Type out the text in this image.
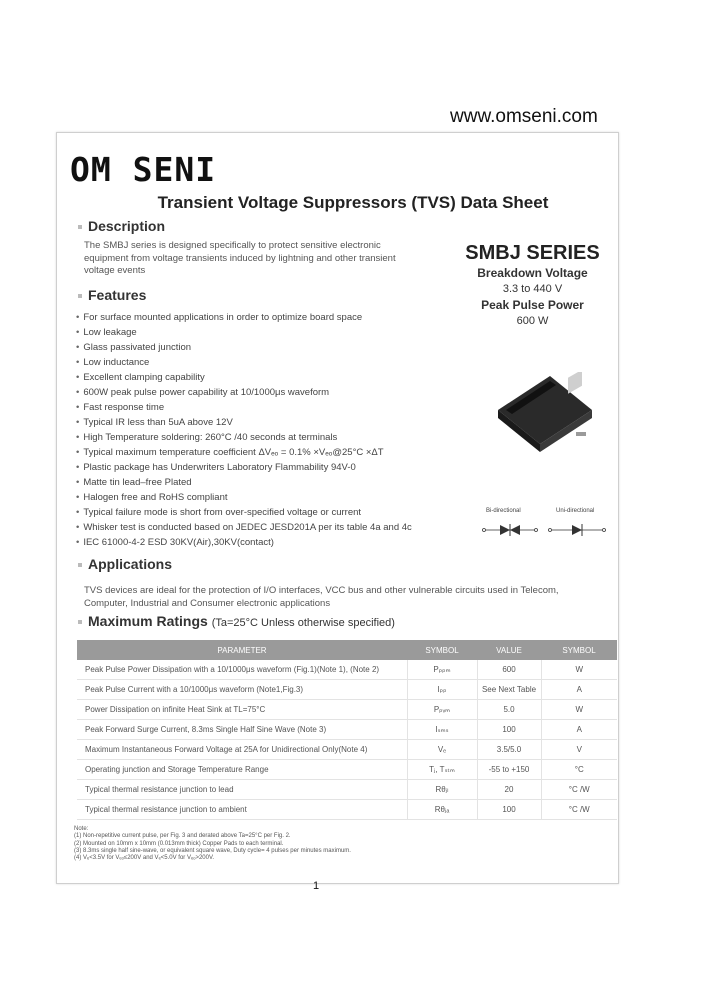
www.omseni.com
OM SENI
Transient Voltage Suppressors (TVS) Data Sheet
Description
The SMBJ series is designed specifically to protect sensitive electronic equipment from voltage transients induced by lightning and other transient voltage events
SMBJ SERIES
Breakdown Voltage
3.3 to 440 V
Peak Pulse Power
600 W
Features
• For surface mounted applications in order to optimize board space
• Low leakage
• Glass passivated junction
• Low inductance
• Excellent clamping capability
• 600W peak pulse power capability at 10/1000μs waveform
• Fast response time
• Typical IR less than 5uA above 12V
• High Temperature soldering: 260°C /40 seconds at terminals
• Typical maximum temperature coefficient ΔVₑₒ = 0.1% ×Vₑₒ@25°C ×ΔT
• Plastic package has Underwriters Laboratory Flammability 94V-0
• Matte tin lead–free Plated
• Halogen free and RoHS compliant
• Typical failure mode is short from over-specified voltage or current
• Whisker test is conducted based on JEDEC JESD201A per its table 4a and 4c
• IEC 61000-4-2 ESD 30KV(Air),30KV(contact)
Bi-directional	Uni-directional
Applications
TVS devices are ideal for the protection of I/O interfaces, VCC bus and other vulnerable circuits used in Telecom, Computer, Industrial and Consumer electronic applications
Maximum Ratings (Ta=25°C Unless otherwise specified)
PARAMETER	SYMBOL	VALUE	SYMBOL
Peak Pulse Power Dissipation with a 10/1000μs waveform (Fig.1)(Note 1), (Note 2)	Pₚₚₘ	600	W
Peak Pulse Current with a 10/1000μs waveform (Note1,Fig.3)	Iₚₚ	See Next Table	A
Power Dissipation on infinite Heat Sink at TL=75°C	Pₚᵥₘ	5.0	W
Peak Forward Surge Current, 8.3ms Single Half Sine Wave (Note 3)	Iₛₘₛ	100	A
Maximum Instantaneous Forward Voltage at 25A for Unidirectional Only(Note 4)	Vₑ	3.5/5.0	V
Operating junction and Storage Temperature Range	Tⱼ, Tₛₜₘ	-55 to +150	°C
Typical thermal resistance junction to lead	Rθⱼₗ	20	°C /W
Typical thermal resistance junction to ambient	Rθⱼₐ	100	°C /W
Note:
(1) Non-repetitive current pulse, per Fig. 3 and derated above Ta=25°C per Fig. 2.
(2) Mounted on 10mm x 10mm (0.013mm thick) Copper Pads to each terminal.
(3) 8.3ms single half sine-wave, or equivalent square wave, Duty cycle= 4 pulses per minutes maximum.
(4) Vₑ<3.5V for Vₑₒ≤200V and Vₑ<5.0V for Vₑₒ>200V.
1
